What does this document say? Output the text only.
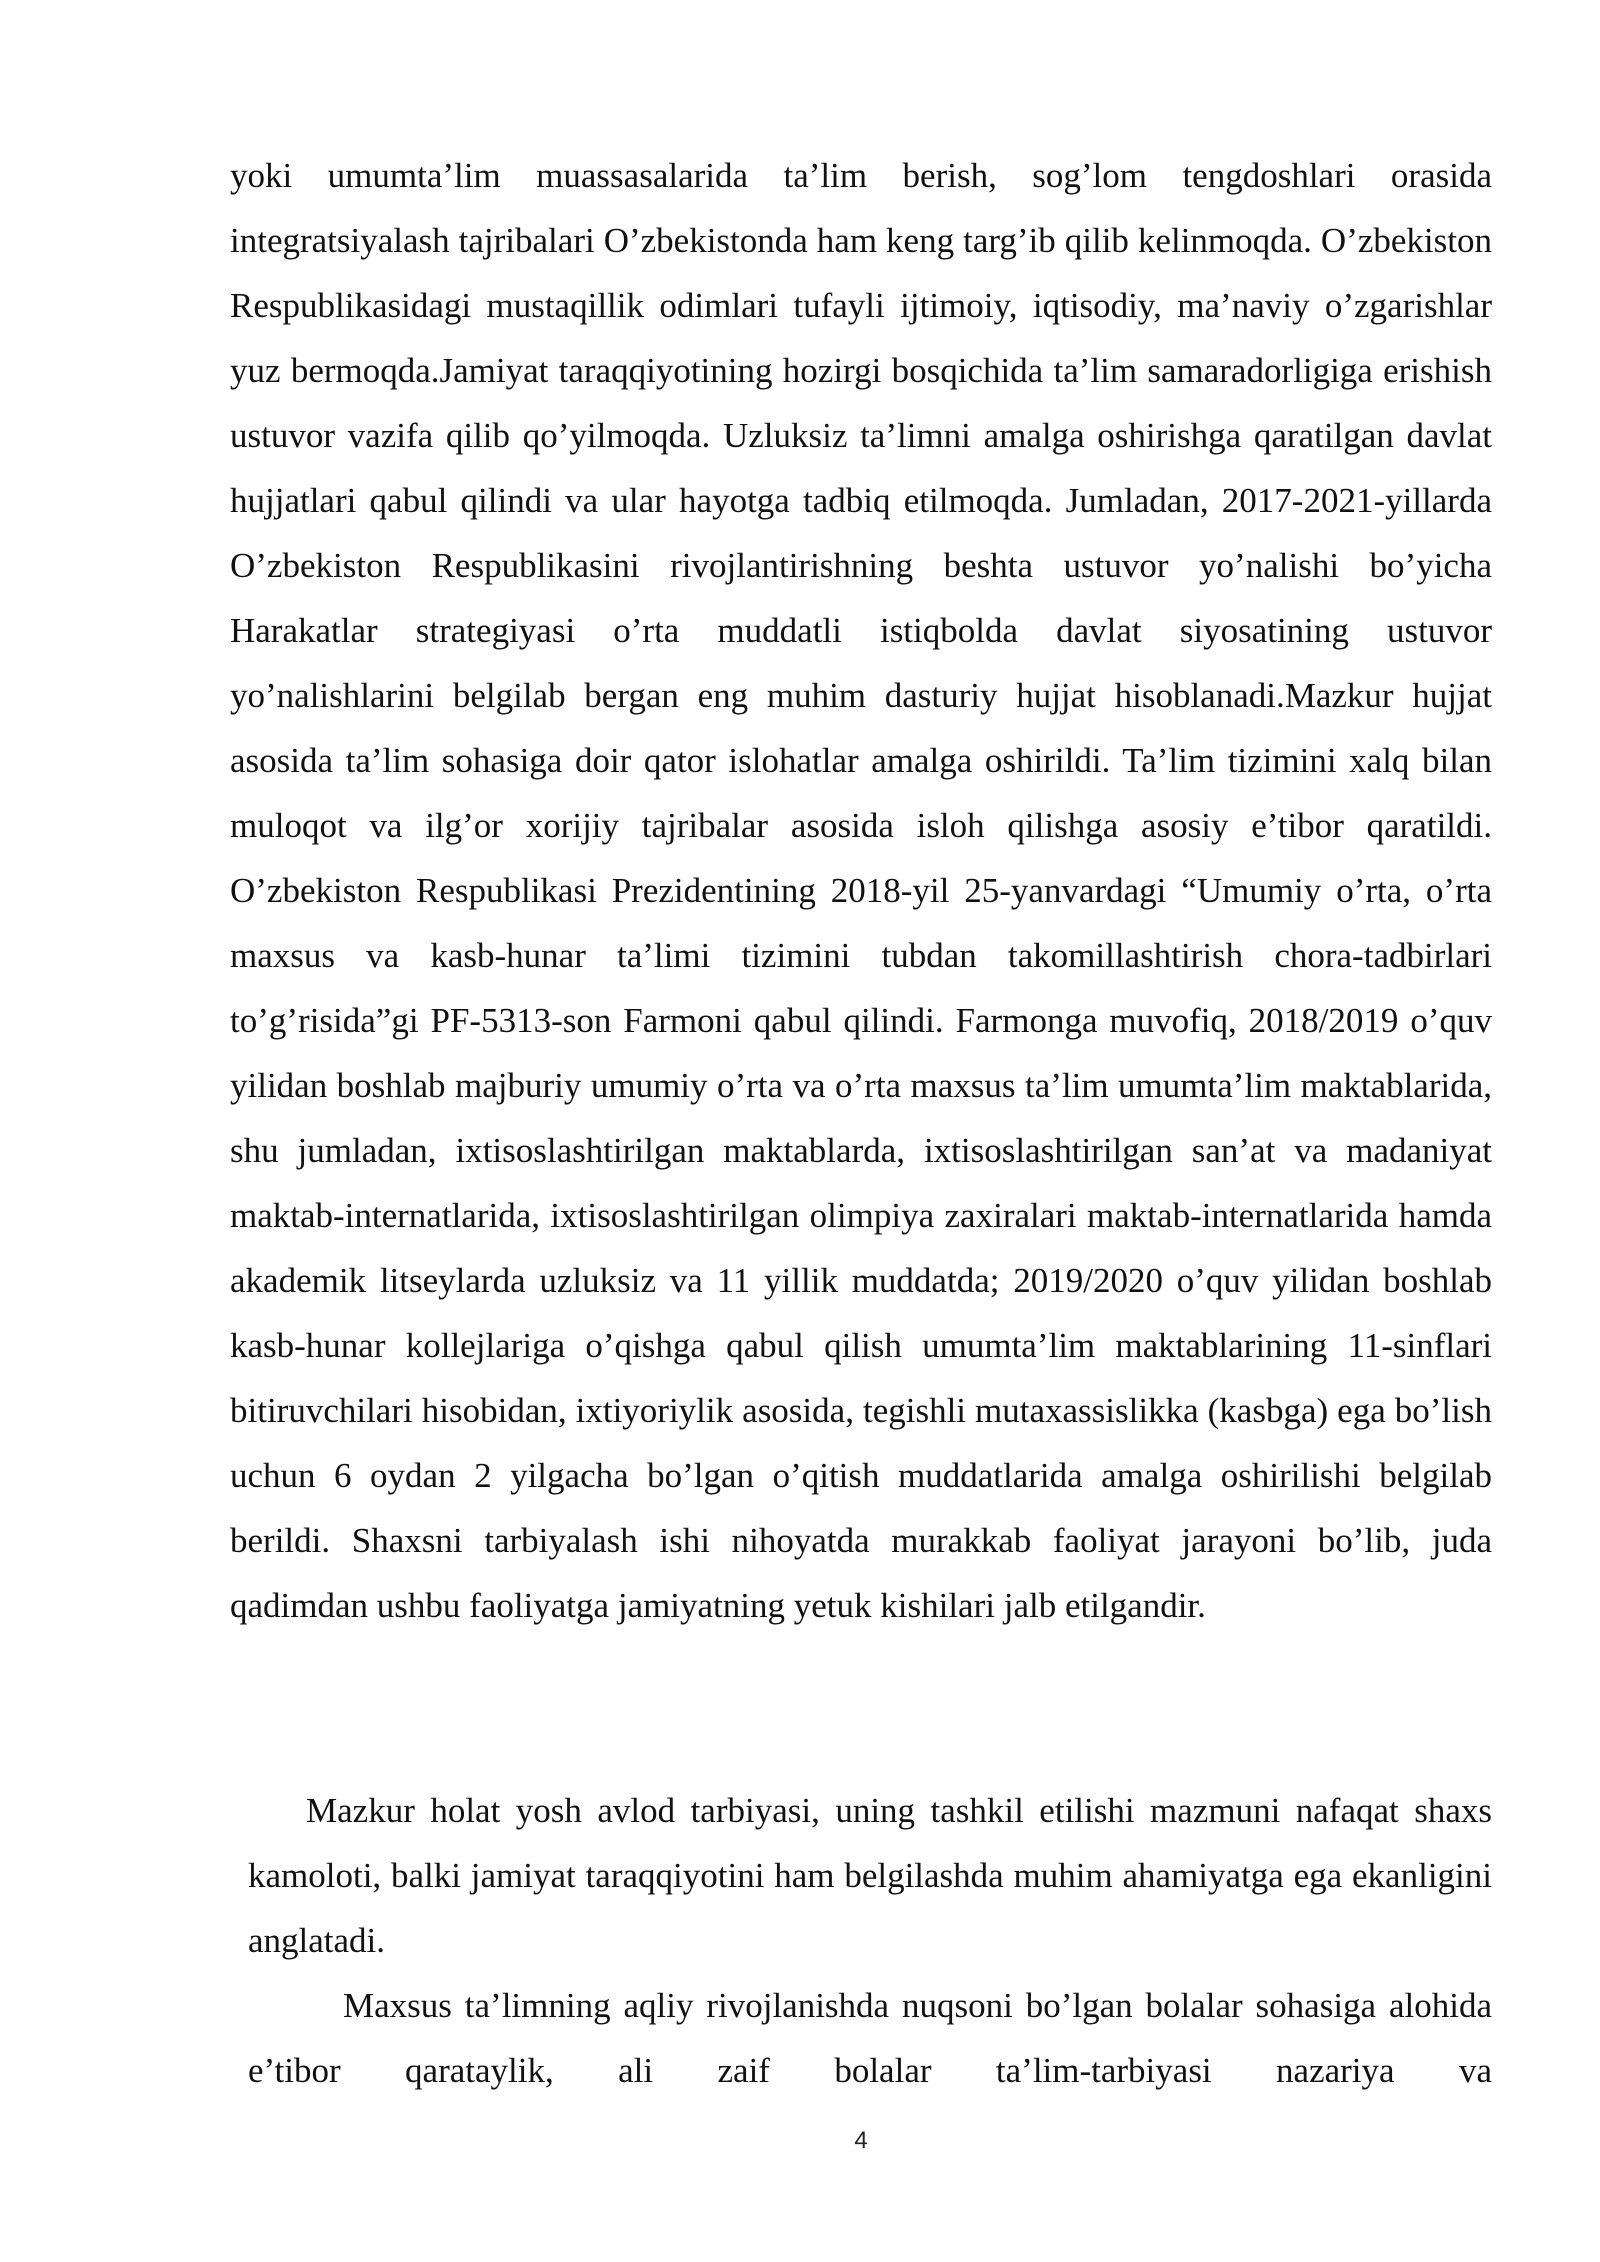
yoki umumta’lim muassasalarida ta’lim berish, sog’lom tengdoshlari orasida integratsiyalash tajribalari O’zbekistonda ham keng targ’ib qilib kelinmoqda. O’zbekiston Respublikasidagi mustaqillik odimlari tufayli ijtimoiy, iqtisodiy, ma’naviy o’zgarishlar yuz bermoqda.Jamiyat taraqqiyotining hozirgi bosqichida ta’lim samaradorligiga erishish ustuvor vazifa qilib qo’yilmoqda. Uzluksiz ta’limni amalga oshirishga qaratilgan davlat hujjatlari qabul qilindi va ular hayotga tadbiq etilmoqda. Jumladan, 2017-2021-yillarda O’zbekiston Respublikasini rivojlantirishning beshta ustuvor yo’nalishi bo’yicha Harakatlar strategiyasi o’rta muddatli istiqbolda davlat siyosatining ustuvor yo’nalishlarini belgilab bergan eng muhim dasturiy hujjat hisoblanadi.Mazkur hujjat asosida ta’lim sohasiga doir qator islohatlar amalga oshirildi. Ta’lim tizimini xalq bilan muloqot va ilg’or xorijiy tajribalar asosida isloh qilishga asosiy e’tibor qaratildi. O’zbekiston Respublikasi Prezidentining 2018-yil 25-yanvardagi “Umumiy o’rta, o’rta maxsus va kasb-hunar ta’limi tizimini tubdan takomillashtirish chora-tadbirlari to’g’risida”gi PF-5313-son Farmoni qabul qilindi. Farmonga muvofiq, 2018/2019 o’quv yilidan boshlab majburiy umumiy o’rta va o’rta maxsus ta’lim umumta’lim maktablarida, shu jumladan, ixtisoslashtirilgan maktablarda, ixtisoslashtirilgan san’at va madaniyat maktab-internatlarida, ixtisoslashtirilgan olimpiya zaxiralari maktab-internatlarida hamda akademik litseylarda uzluksiz va 11 yillik muddatda; 2019/2020 o’quv yilidan boshlab kasb-hunar kollejlariga o’qishga qabul qilish umumta’lim maktablarining 11-sinflari bitiruvchilari hisobidan, ixtiyoriylik asosida, tegishli mutaxassislikka (kasbga) ega bo’lish uchun 6 oydan 2 yilgacha bo’lgan o’qitish muddatlarida amalga oshirilishi belgilab berildi. Shaxsni tarbiyalash ishi nihoyatda murakkab faoliyat jarayoni bo’lib, juda qadimdan ushbu faoliyatga jamiyatning yetuk kishilari jalb etilgandir.

Mazkur holat yosh avlod tarbiyasi, uning tashkil etilishi mazmuni nafaqat shaxs kamoloti, balki jamiyat taraqqiyotini ham belgilashda muhim ahamiyatga ega ekanligini anglatadi.

Maxsus ta’limning aqliy rivojlanishda nuqsoni bo’lgan bolalar sohasiga alohida e’tibor qarataylik, ali zaif bolalar ta’lim-tarbiyasi nazariya va

4
